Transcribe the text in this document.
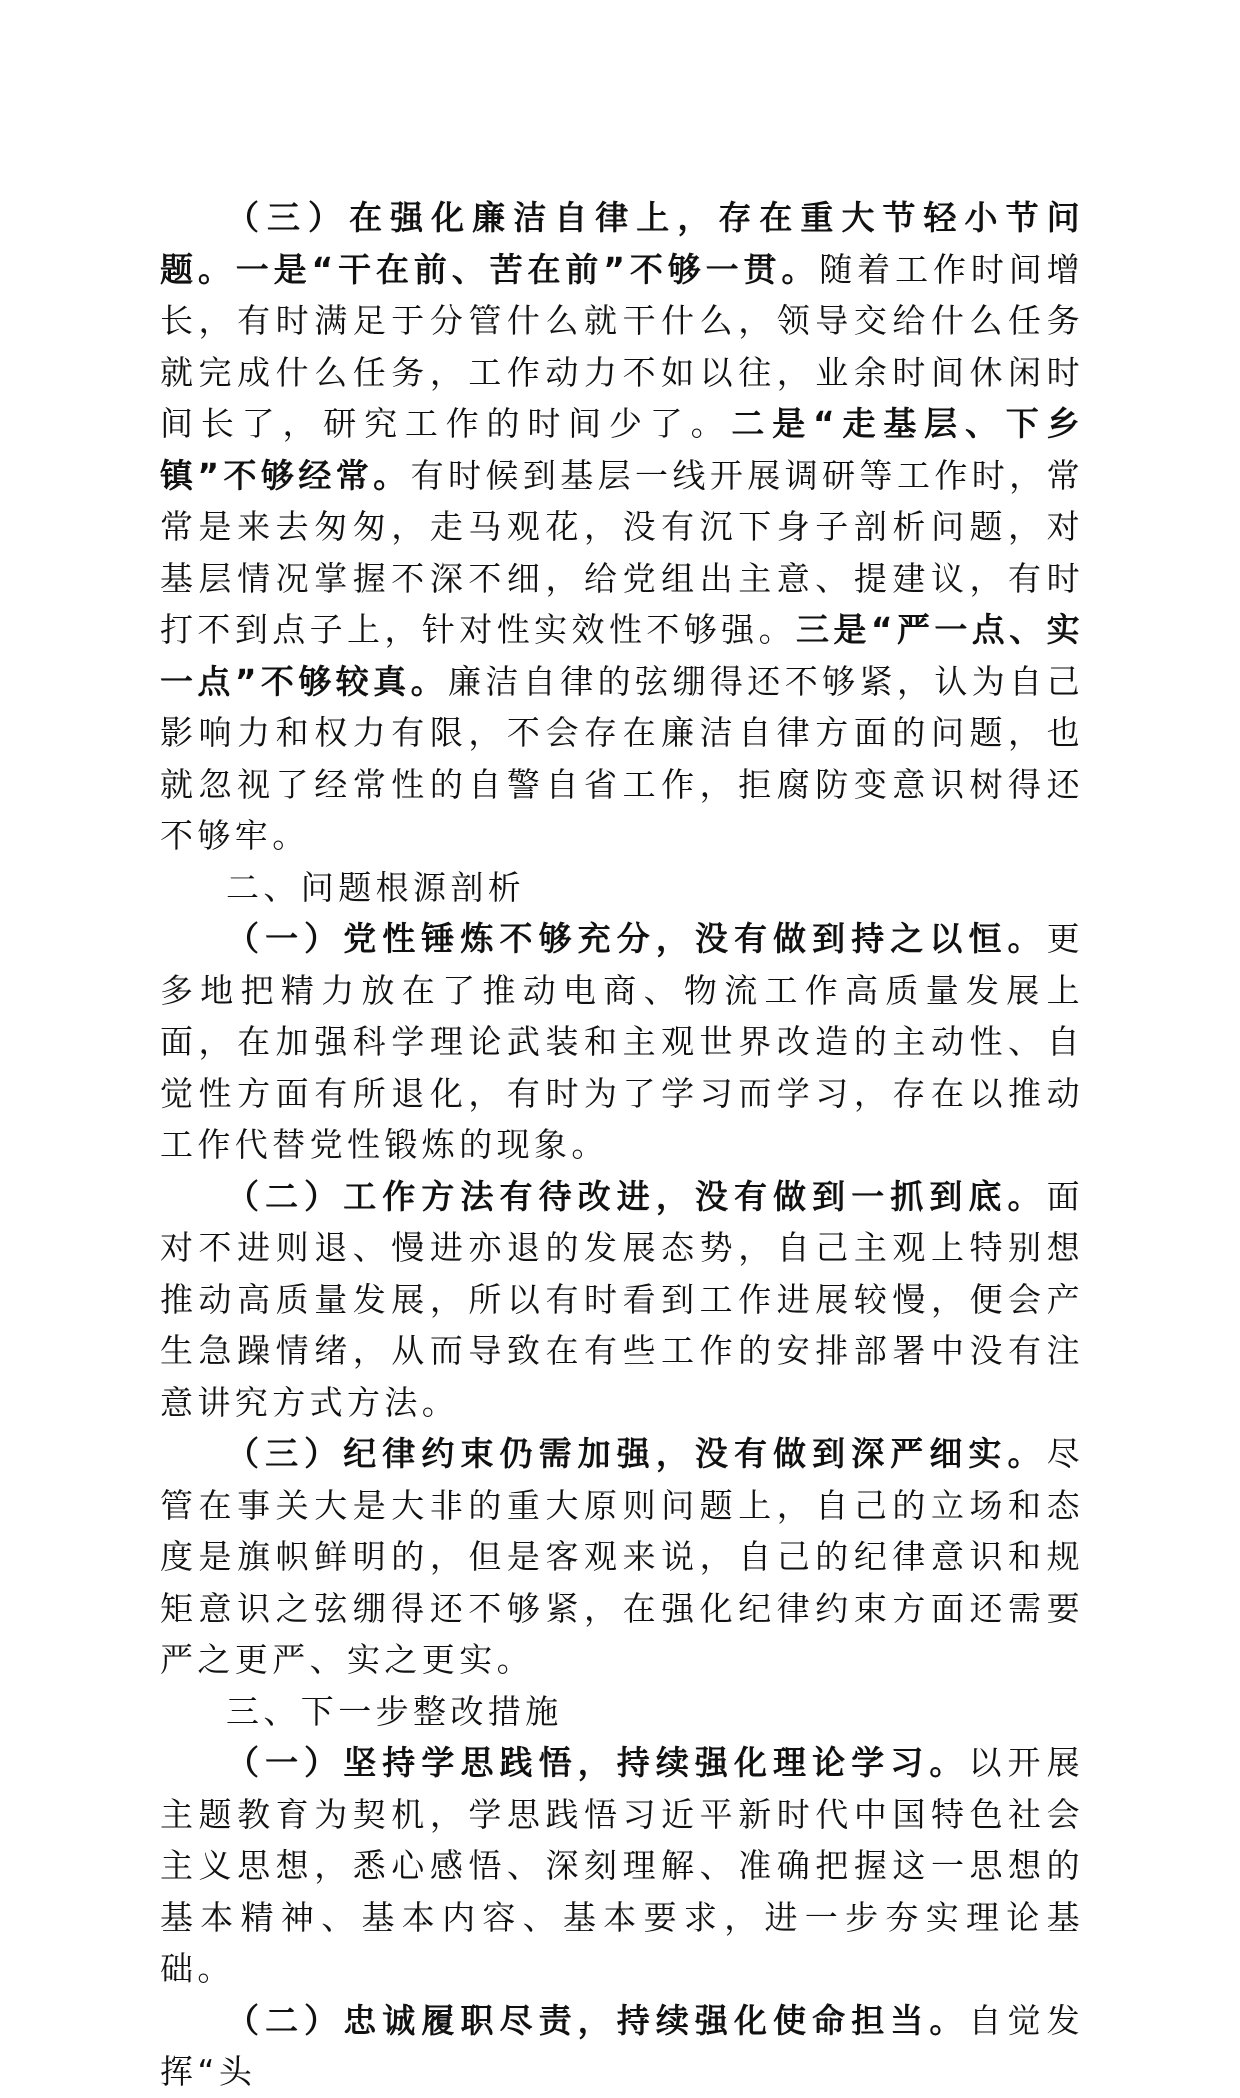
（三）在强化廉洁自律上，存在重大节轻小节问题。一是“干在前、苦在前”不够一贯。随着工作时间增长，有时满足于分管什么就干什么，领导交给什么任务就完成什么任务，工作动力不如以往，业余时间休闲时间长了，研究工作的时间少了。二是“走基层、下乡镇”不够经常。有时候到基层一线开展调研等工作时，常常是来去匆匆，走马观花，没有沉下身子剖析问题，对基层情况掌握不深不细，给党组出主意、提建议，有时打不到点子上，针对性实效性不够强。三是“严一点、实一点”不够较真。廉洁自律的弦绷得还不够紧，认为自己影响力和权力有限，不会存在廉洁自律方面的问题，也就忽视了经常性的自警自省工作，拒腐防变意识树得还不够牢。

二、问题根源剖析

（一）党性锤炼不够充分，没有做到持之以恒。更多地把精力放在了推动电商、物流工作高质量发展上面，在加强科学理论武装和主观世界改造的主动性、自觉性方面有所退化，有时为了学习而学习，存在以推动工作代替党性锻炼的现象。

（二）工作方法有待改进，没有做到一抓到底。面对不进则退、慢进亦退的发展态势，自己主观上特别想推动高质量发展，所以有时看到工作进展较慢，便会产生急躁情绪，从而导致在有些工作的安排部署中没有注意讲究方式方法。

（三）纪律约束仍需加强，没有做到深严细实。尽管在事关大是大非的重大原则问题上，自己的立场和态度是旗帜鲜明的，但是客观来说，自己的纪律意识和规矩意识之弦绷得还不够紧，在强化纪律约束方面还需要严之更严、实之更实。

三、下一步整改措施

（一）坚持学思践悟，持续强化理论学习。以开展主题教育为契机，学思践悟习近平新时代中国特色社会主义思想，悉心感悟、深刻理解、准确把握这一思想的基本精神、基本内容、基本要求，进一步夯实理论基础。

（二）忠诚履职尽责，持续强化使命担当。自觉发挥“头
